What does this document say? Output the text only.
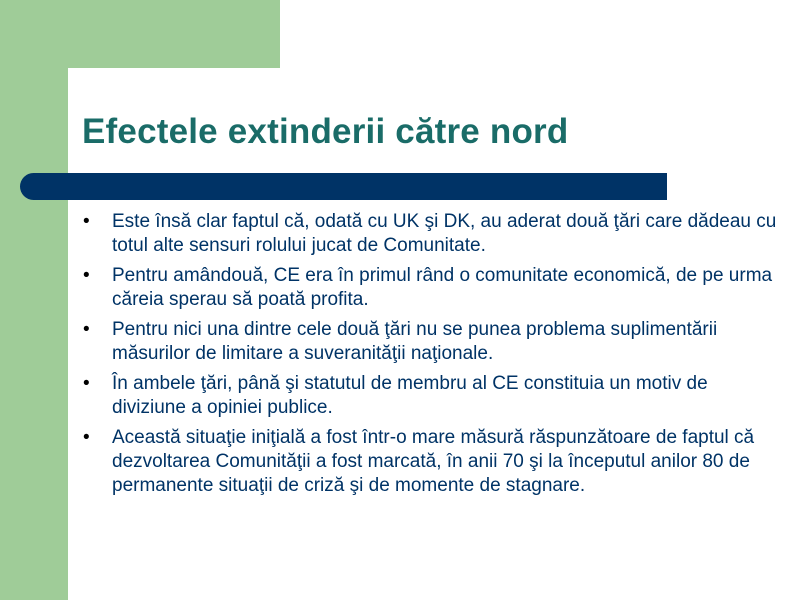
Efectele extinderii către nord
• Este însă clar faptul că, odată cu UK şi DK, au aderat două ţări care dădeau cu totul alte sensuri rolului jucat de Comunitate.
• Pentru amândouă, CE era în primul rând o comunitate economică, de pe urma căreia sperau să poată profita.
• Pentru nici una dintre cele două ţări nu se punea problema suplimentării măsurilor de limitare a suveranităţii naţionale.
• În ambele ţări, până şi statutul de membru al CE constituia un motiv de diviziune a opiniei publice.
• Această situaţie iniţială a fost într-o mare măsură răspunzătoare de faptul că dezvoltarea Comunităţii a fost marcată, în anii 70 şi la începutul anilor 80 de permanente situaţii de criză şi de momente de stagnare.
